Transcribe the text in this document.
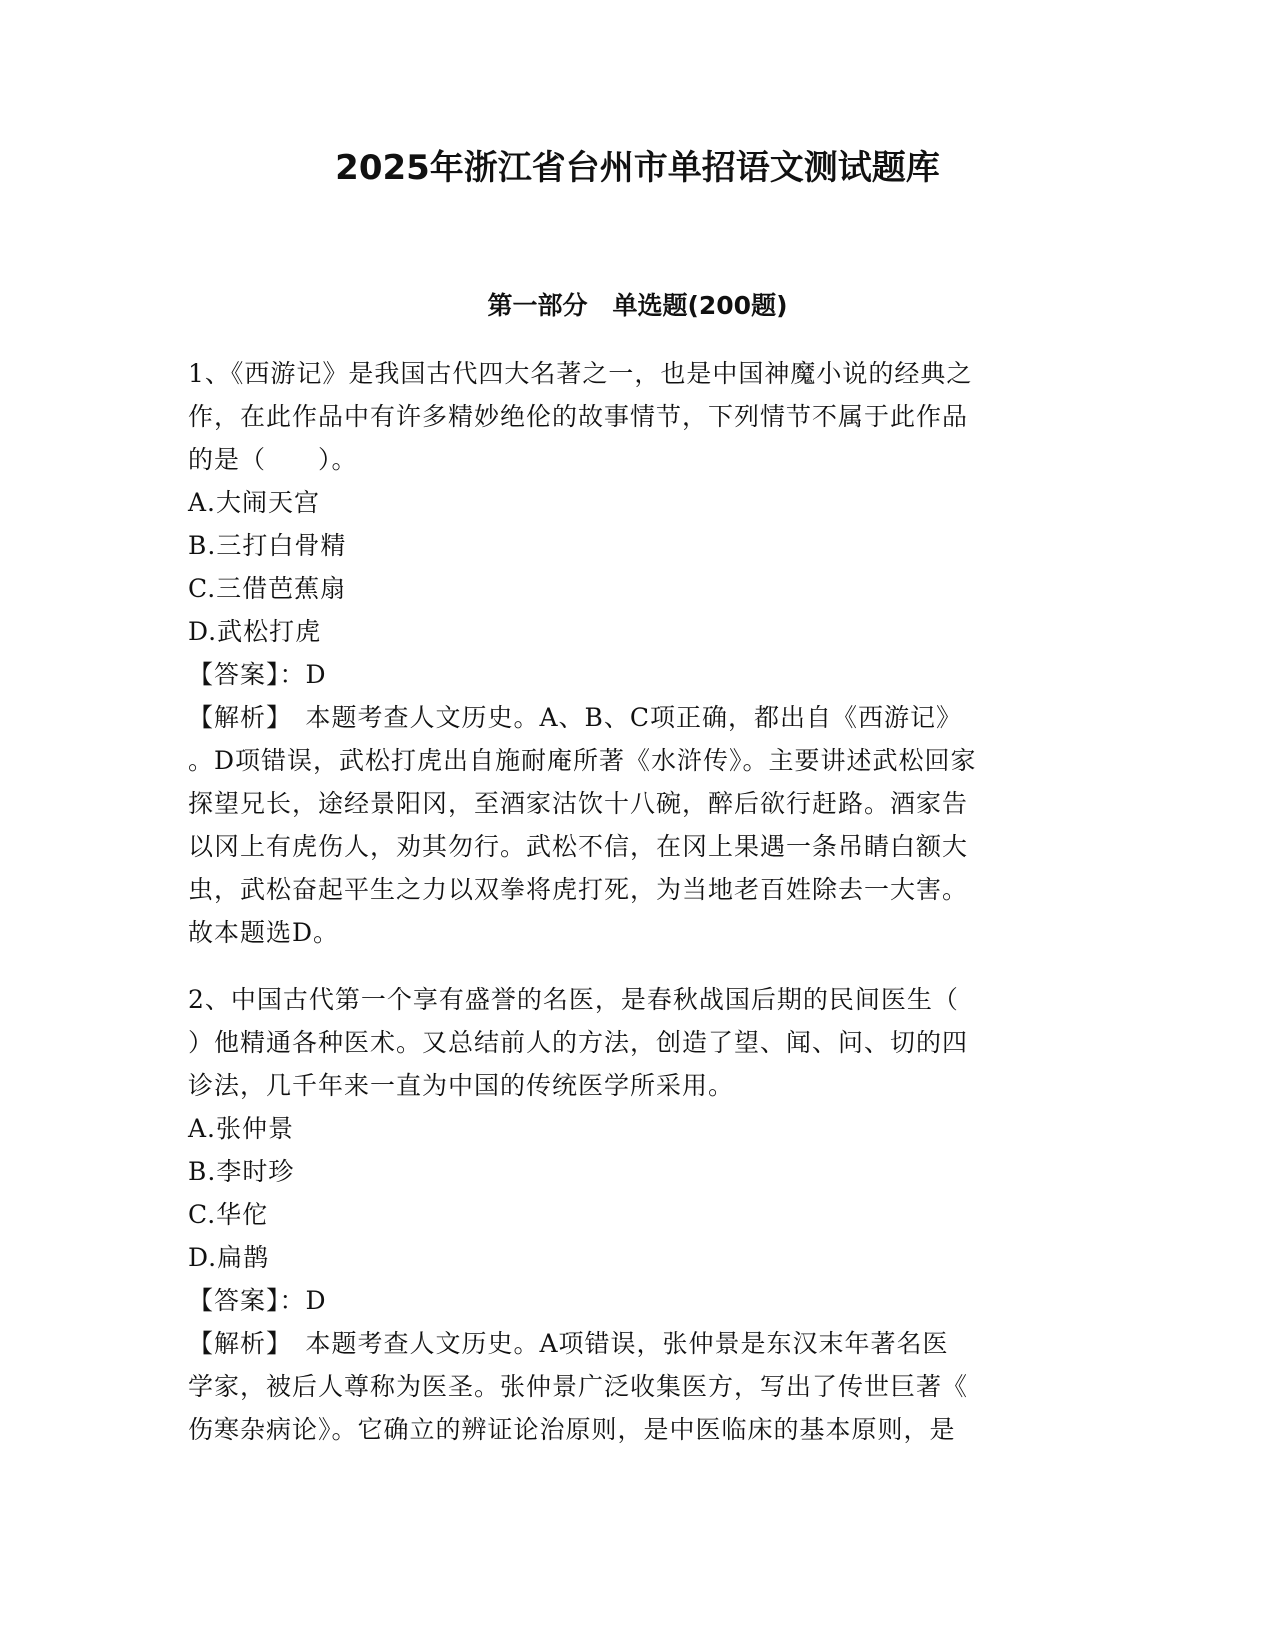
2025年浙江省台州市单招语文测试题库
第一部分　单选题(200题)
1、《西游记》是我国古代四大名著之一，也是中国神魔小说的经典之
作，在此作品中有许多精妙绝伦的故事情节，下列情节不属于此作品
的是（　　）。
A.大闹天宫
B.三打白骨精
C.三借芭蕉扇
D.武松打虎
【答案】：D
【解析】　本题考查人文历史。A、B、C项正确，都出自《西游记》
。D项错误，武松打虎出自施耐庵所著《水浒传》。主要讲述武松回家
探望兄长，途经景阳冈，至酒家沽饮十八碗，醉后欲行赶路。酒家告
以冈上有虎伤人，劝其勿行。武松不信，在冈上果遇一条吊睛白额大
虫，武松奋起平生之力以双拳将虎打死，为当地老百姓除去一大害。
故本题选D。
2、中国古代第一个享有盛誉的名医，是春秋战国后期的民间医生（
）他精通各种医术。又总结前人的方法，创造了望、闻、问、切的四
诊法，几千年来一直为中国的传统医学所采用。
A.张仲景
B.李时珍
C.华佗
D.扁鹊
【答案】：D
【解析】　本题考查人文历史。A项错误，张仲景是东汉末年著名医
学家，被后人尊称为医圣。张仲景广泛收集医方，写出了传世巨著《
伤寒杂病论》。它确立的辨证论治原则，是中医临床的基本原则，是
